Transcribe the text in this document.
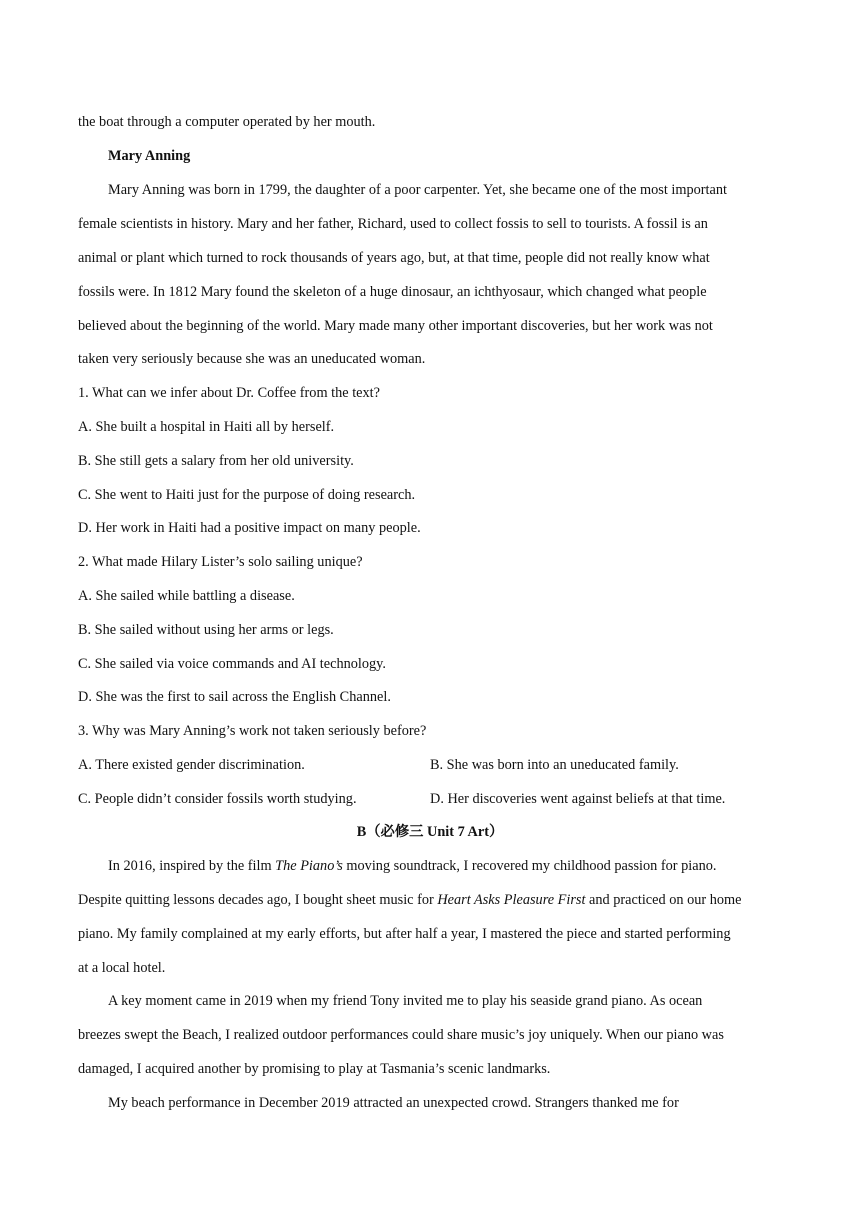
the boat through a computer operated by her mouth.
Mary Anning
Mary Anning was born in 1799, the daughter of a poor carpenter. Yet, she became one of the most important
female scientists in history. Mary and her father, Richard, used to collect fossis to sell to tourists. A fossil is an
animal or plant which turned to rock thousands of years ago, but, at that time, people did not really know what
fossils were. In 1812 Mary found the skeleton of a huge dinosaur, an ichthyosaur, which changed what people
believed about the beginning of the world. Mary made many other important discoveries, but her work was not
taken very seriously because she was an uneducated woman.
1. What can we infer about Dr. Coffee from the text?
A. She built a hospital in Haiti all by herself.
B. She still gets a salary from her old university.
C. She went to Haiti just for the purpose of doing research.
D. Her work in Haiti had a positive impact on many people.
2. What made Hilary Lister’s solo sailing unique?
A. She sailed while battling a disease.
B. She sailed without using her arms or legs.
C. She sailed via voice commands and AI technology.
D. She was the first to sail across the English Channel.
3. Why was Mary Anning’s work not taken seriously before?
A. There existed gender discrimination.	B. She was born into an uneducated family.
C. People didn’t consider fossils worth studying.	D. Her discoveries went against beliefs at that time.
B（必修三 Unit 7 Art）
In 2016, inspired by the film The Piano’s moving soundtrack, I recovered my childhood passion for piano.
Despite quitting lessons decades ago, I bought sheet music for Heart Asks Pleasure First and practiced on our home
piano. My family complained at my early efforts, but after half a year, I mastered the piece and started performing
at a local hotel.
A key moment came in 2019 when my friend Tony invited me to play his seaside grand piano. As ocean
breezes swept the Beach, I realized outdoor performances could share music’s joy uniquely. When our piano was
damaged, I acquired another by promising to play at Tasmania’s scenic landmarks.
My beach performance in December 2019 attracted an unexpected crowd. Strangers thanked me for
